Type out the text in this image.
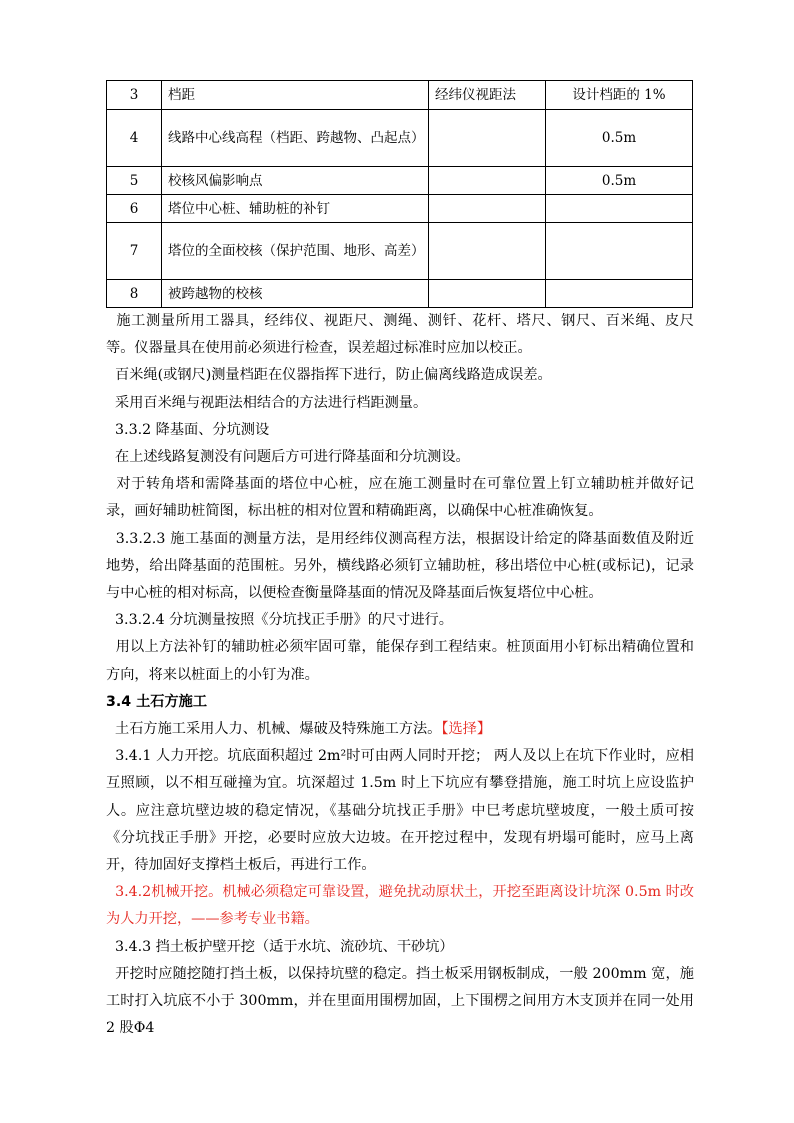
3	档距	经纬仪视距法	设计档距的 1%
4	线路中心线高程（档距、跨越物、凸起点）		0.5m
5	校核风偏影响点		0.5m
6	塔位中心桩、辅助桩的补钉		
7	塔位的全面校核（保护范围、地形、高差）		
8	被跨越物的校核		

施工测量所用工器具，经纬仪、视距尺、测绳、测钎、花杆、塔尺、钢尺、百米绳、皮尺等。仪器量具在使用前必须进行检查，误差超过标准时应加以校正。

百米绳(或钢尺)测量档距在仪器指挥下进行，防止偏离线路造成误差。

采用百米绳与视距法相结合的方法进行档距测量。

3.3.2 降基面、分坑测设

在上述线路复测没有问题后方可进行降基面和分坑测设。

对于转角塔和需降基面的塔位中心桩，应在施工测量时在可靠位置上钉立辅助桩并做好记录，画好辅助桩简图，标出桩的相对位置和精确距离，以确保中心桩准确恢复。

3.3.2.3 施工基面的测量方法，是用经纬仪测高程方法，根据设计给定的降基面数值及附近地势，给出降基面的范围桩。另外，横线路必须钉立辅助桩，移出塔位中心桩(或标记)，记录与中心桩的相对标高，以便检查衡量降基面的情况及降基面后恢复塔位中心桩。

3.3.2.4 分坑测量按照《分坑找正手册》的尺寸进行。

用以上方法补钉的辅助桩必须牢固可靠，能保存到工程结束。桩顶面用小钉标出精确位置和方向，将来以桩面上的小钉为准。

3.4 土石方施工

土石方施工采用人力、机械、爆破及特殊施工方法。【选择】

3.4.1 人力开挖。坑底面积超过 2m²时可由两人同时开挖； 两人及以上在坑下作业时，应相互照顾，以不相互碰撞为宜。坑深超过 1.5m 时上下坑应有攀登措施，施工时坑上应设监护人。应注意坑壁边坡的稳定情况，《基础分坑找正手册》中巳考虑坑壁坡度，一般土质可按《分坑找正手册》开挖，必要时应放大边坡。在开挖过程中，发现有坍塌可能时，应马上离开，待加固好支撑档土板后，再进行工作。

3.4.2机械开挖。机械必须稳定可靠设置，避免扰动原状土，开挖至距离设计坑深 0.5m 时改为人力开挖，——参考专业书籍。

3.4.3 挡土板护壁开挖（适于水坑、流砂坑、干砂坑）

开挖时应随挖随打挡土板，以保持坑壁的稳定。挡土板采用钢板制成，一般 200mm 宽，施工时打入坑底不小于 300mm，并在里面用围楞加固，上下围楞之间用方木支顶并在同一处用 2 股Φ4
